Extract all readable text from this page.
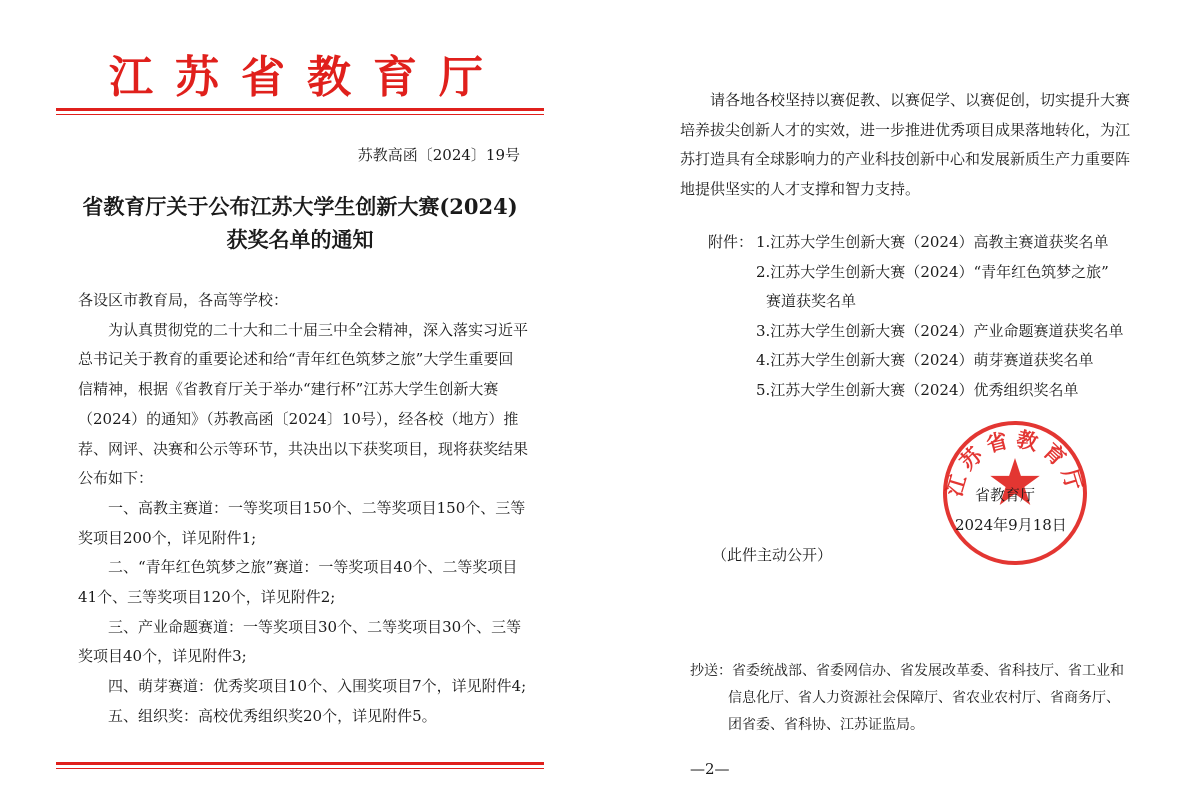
江苏省教育厅
苏教高函〔2024〕19号
省教育厅关于公布江苏大学生创新大赛(2024)
获奖名单的通知

各设区市教育局，各高等学校：

为认真贯彻党的二十大和二十届三中全会精神，深入落实习近平总书记关于教育的重要论述和给“青年红色筑梦之旅”大学生重要回信精神，根据《省教育厅关于举办“建行杯”江苏大学生创新大赛（2024）的通知》（苏教高函〔2024〕10号），经各校（地方）推荐、网评、决赛和公示等环节，共决出以下获奖项目，现将获奖结果公布如下：

一、高教主赛道：一等奖项目150个、二等奖项目150个、三等奖项目200个，详见附件1;

二、“青年红色筑梦之旅”赛道：一等奖项目40个、二等奖项目41个、三等奖项目120个，详见附件2;

三、产业命题赛道：一等奖项目30个、二等奖项目30个、三等奖项目40个，详见附件3;

四、萌芽赛道：优秀奖项目10个、入围奖项目7个，详见附件4;

五、组织奖：高校优秀组织奖20个，详见附件5。

请各地各校坚持以赛促教、以赛促学、以赛促创，切实提升大赛培养拔尖创新人才的实效，进一步推进优秀项目成果落地转化，为江苏打造具有全球影响力的产业科技创新中心和发展新质生产力重要阵地提供坚实的人才支撑和智力支持。

附件： 1.江苏大学生创新大赛（2024）高教主赛道获奖名单
2.江苏大学生创新大赛（2024）“青年红色筑梦之旅”
赛道获奖名单
3.江苏大学生创新大赛（2024）产业命题赛道获奖名单
4.江苏大学生创新大赛（2024）萌芽赛道获奖名单
5.江苏大学生创新大赛（2024）优秀组织奖名单
江苏省教育厅
省教育厅
2024年9月18日
（此件主动公开）
抄送：省委统战部、省委网信办、省发展改革委、省科技厅、省工业和
信息化厅、省人力资源社会保障厅、省农业农村厅、省商务厅、
团省委、省科协、江苏证监局。
—2—
